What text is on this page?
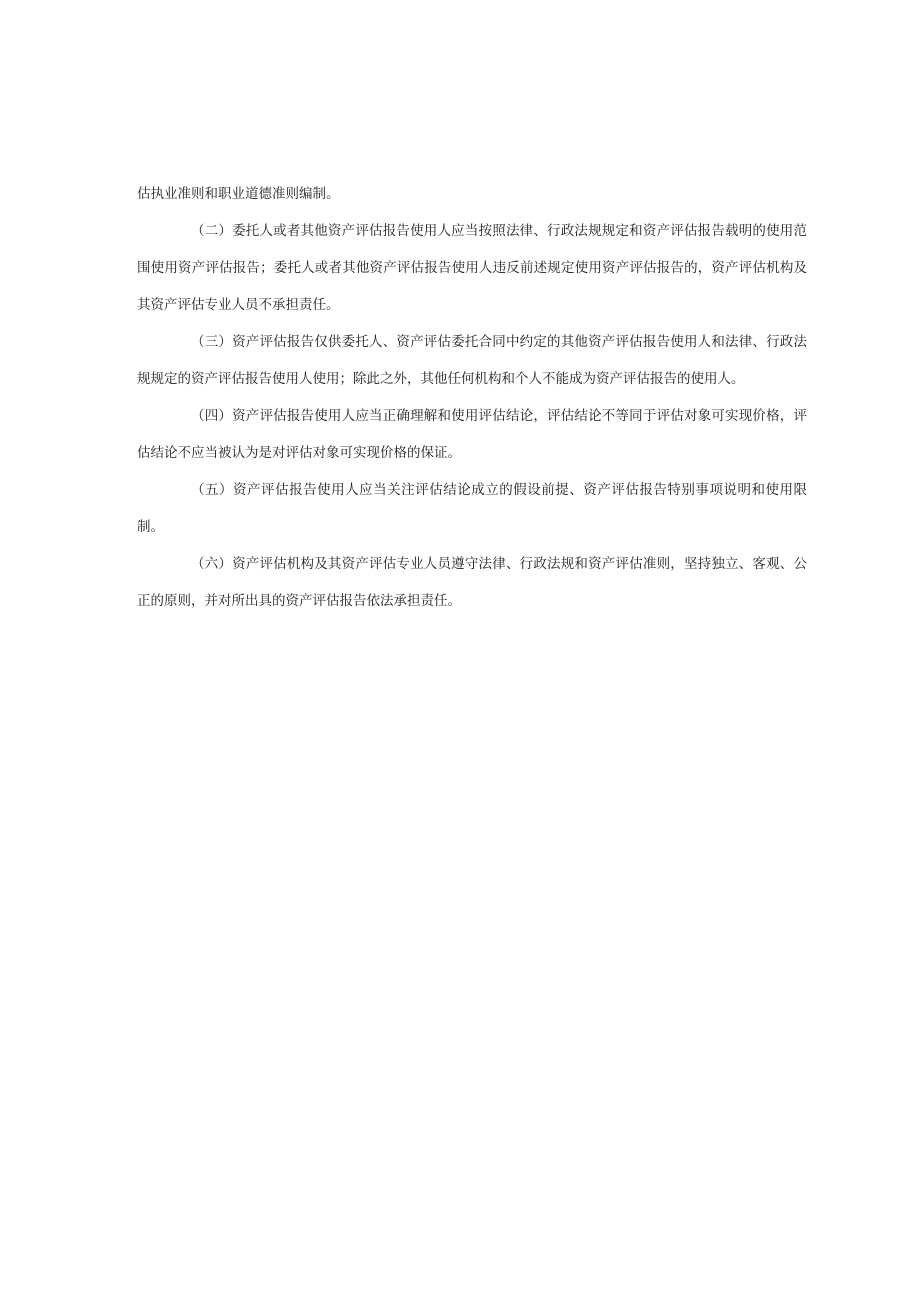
估执业准则和职业道德准则编制。

（二）委托人或者其他资产评估报告使用人应当按照法律、行政法规规定和资产评估报告载明的使用范围使用资产评估报告；委托人或者其他资产评估报告使用人违反前述规定使用资产评估报告的，资产评估机构及其资产评估专业人员不承担责任。

（三）资产评估报告仅供委托人、资产评估委托合同中约定的其他资产评估报告使用人和法律、行政法规规定的资产评估报告使用人使用；除此之外，其他任何机构和个人不能成为资产评估报告的使用人。

（四）资产评估报告使用人应当正确理解和使用评估结论，评估结论不等同于评估对象可实现价格，评估结论不应当被认为是对评估对象可实现价格的保证。

（五）资产评估报告使用人应当关注评估结论成立的假设前提、资产评估报告特别事项说明和使用限制。

（六）资产评估机构及其资产评估专业人员遵守法律、行政法规和资产评估准则，坚持独立、客观、公正的原则，并对所出具的资产评估报告依法承担责任。
